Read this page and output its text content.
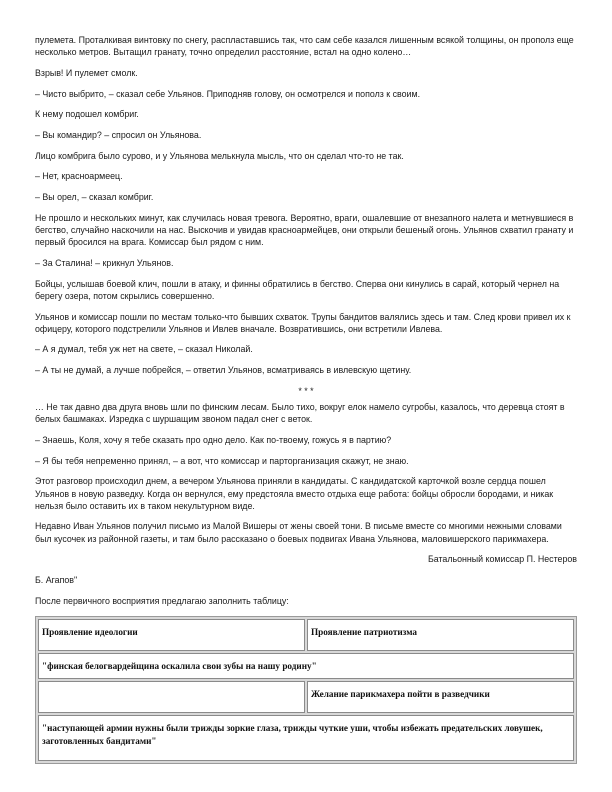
пулемета. Проталкивая винтовку по снегу, распластавшись так, что сам себе казался лишенным всякой толщины, он прополз еще несколько метров. Вытащил гранату, точно определил расстояние, встал на одно колено…

Взрыв! И пулемет смолк.

– Чисто выбрито, – сказал себе Ульянов. Приподняв голову, он осмотрелся и пополз к своим.

К нему подошел комбриг.

– Вы командир? – спросил он Ульянова.

Лицо комбрига было сурово, и у Ульянова мелькнула мысль, что он сделал что-то не так.

– Нет, красноармеец.

– Вы орел, – сказал комбриг.

Не прошло и нескольких минут, как случилась новая тревога. Вероятно, враги, ошалевшие от внезапного налета и метнувшиеся в бегство, случайно наскочили на нас. Выскочив и увидав красноармейцев, они открыли бешеный огонь. Ульянов схватил гранату и первый бросился на врага. Комиссар был рядом с ним.

– За Сталина! – крикнул Ульянов.

Бойцы, услышав боевой клич, пошли в атаку, и финны обратились в бегство. Сперва они кинулись в сарай, который чернел на берегу озера, потом скрылись совершенно.

Ульянов и комиссар пошли по местам только-что бывших схваток. Трупы бандитов валялись здесь и там. След крови привел их к офицеру, которого подстрелили Ульянов и Ивлев вначале. Возвратившись, они встретили Ивлева.

– А я думал, тебя уж нет на свете, – сказал Николай.

– А ты не думай, а лучше побрейся, – ответил Ульянов, всматриваясь в ивлевскую щетину.

* * *

… Не так давно два друга вновь шли по финским лесам. Было тихо, вокруг елок намело сугробы, казалось, что деревца стоят в белых башмаках. Изредка с шуршащим звоном падал снег с веток.

– Знаешь, Коля, хочу я тебе сказать про одно дело. Как по-твоему, гожусь я в партию?

– Я бы тебя непременно принял, – а вот, что комиссар и парторганизация скажут, не знаю.

Этот разговор происходил днем, а вечером Ульянова приняли в кандидаты. С кандидатской карточкой возле сердца пошел Ульянов в новую разведку. Когда он вернулся, ему предстояла вместо отдыха еще работа: бойцы обросли бородами, и никак нельзя было оставить их в таком некультурном виде.

Недавно Иван Ульянов получил письмо из Малой Вишеры от жены своей тони. В письме вместе со многими нежными словами был кусочек из районной газеты, и там было рассказано о боевых подвигах Ивана Ульянова, маловишерского парикмахера.

Батальонный комиссар П. Нестеров

Б. Агапов"

После первичного восприятия предлагаю заполнить таблицу:

Проявление идеологии	Проявление патриотизма
"финская белогвардейщина оскалила свои зубы на нашу родину"	
	Желание парикмахера пойти в разведчики
"наступающей армии нужны были трижды зоркие глаза, трижды чуткие уши, чтобы избежать предательских ловушек, заготовленных бандитами"	
